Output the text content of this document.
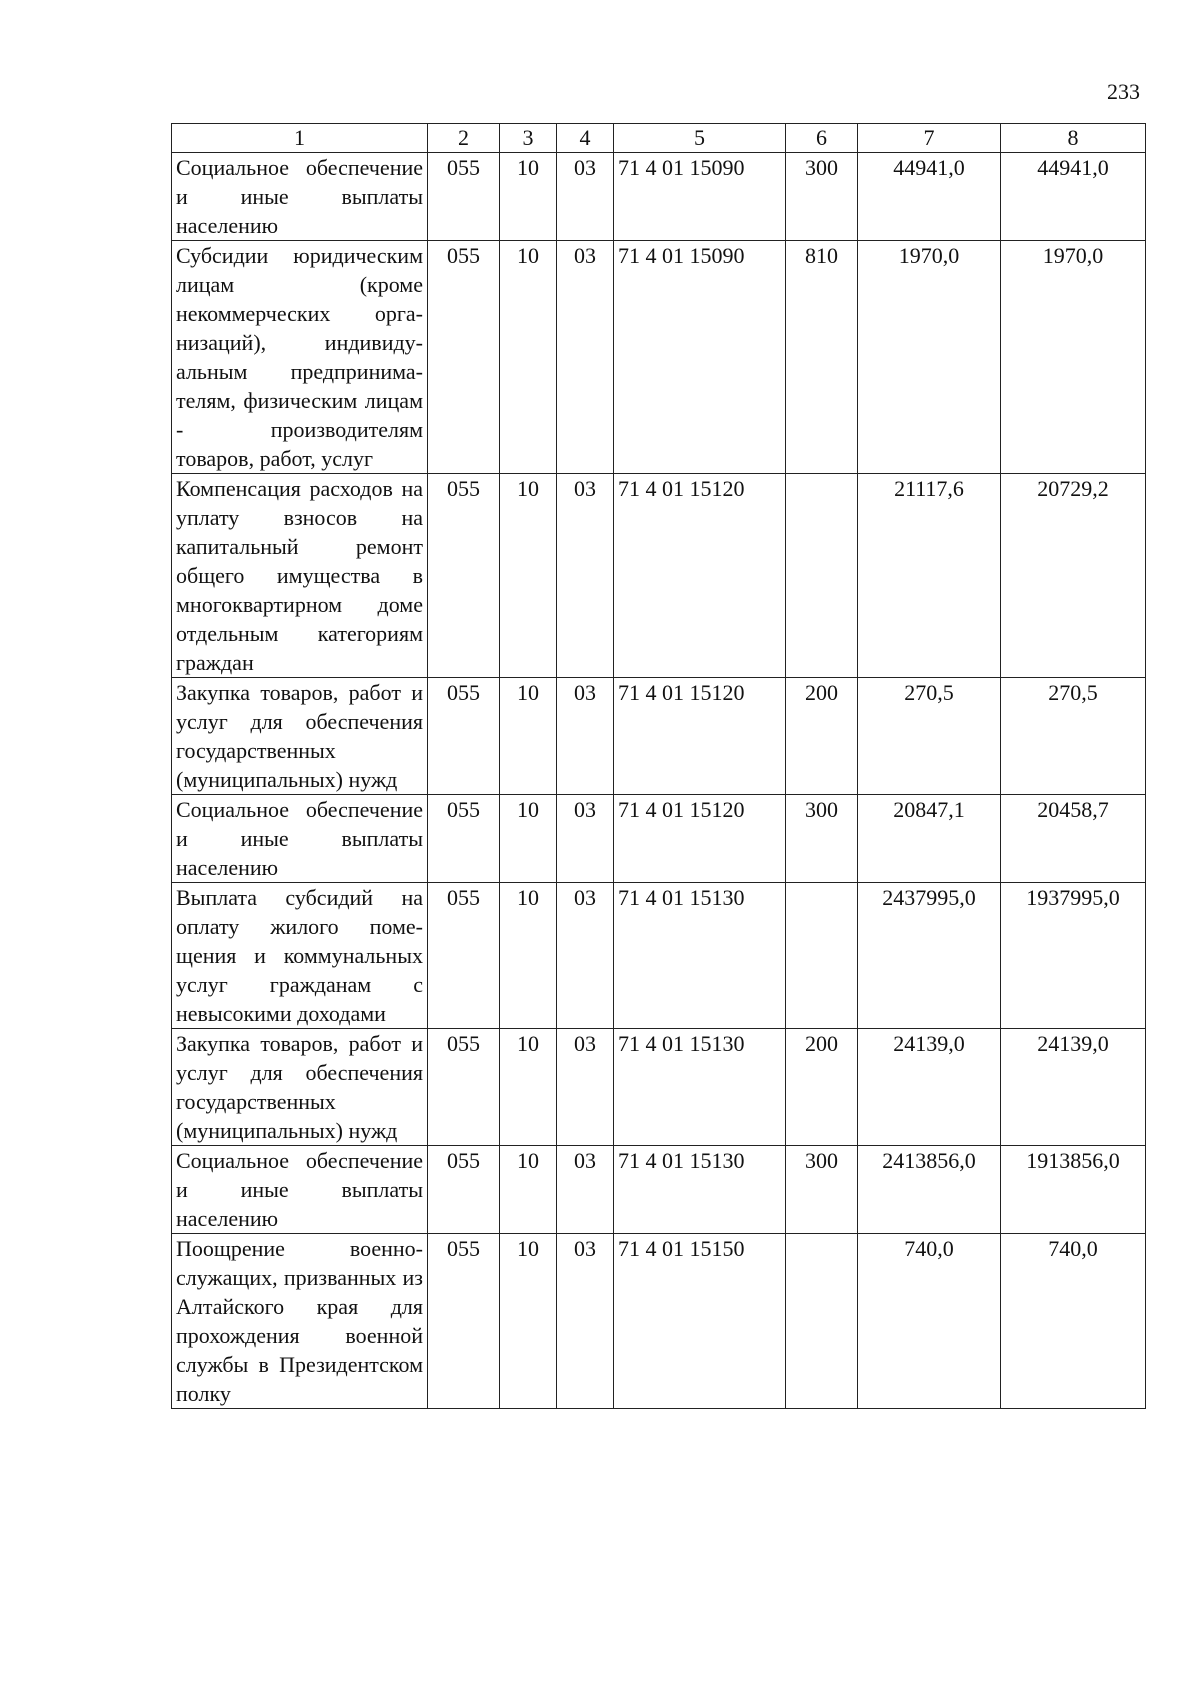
233
1	2	3	4	5	6	7	8
Социальное обеспечение и иные выплаты населению	055	10	03	71 4 01 15090	300	44941,0	44941,0
Субсидии юридическим лицам (кроме некоммерческих организаций), индивидуальным предпринимателям, физическим лицам - производителям товаров, работ, услуг	055	10	03	71 4 01 15090	810	1970,0	1970,0
Компенсация расходов на уплату взносов на капитальный ремонт общего имущества в многоквартирном доме отдельным категориям граждан	055	10	03	71 4 01 15120		21117,6	20729,2
Закупка товаров, работ и услуг для обеспечения государственных (муниципальных) нужд	055	10	03	71 4 01 15120	200	270,5	270,5
Социальное обеспечение и иные выплаты населению	055	10	03	71 4 01 15120	300	20847,1	20458,7
Выплата субсидий на оплату жилого помещения и коммунальных услуг гражданам с невысокими доходами	055	10	03	71 4 01 15130		2437995,0	1937995,0
Закупка товаров, работ и услуг для обеспечения государственных (муниципальных) нужд	055	10	03	71 4 01 15130	200	24139,0	24139,0
Социальное обеспечение и иные выплаты населению	055	10	03	71 4 01 15130	300	2413856,0	1913856,0
Поощрение военнослужащих, призванных из Алтайского края для прохождения военной службы в Президентском полку	055	10	03	71 4 01 15150		740,0	740,0
